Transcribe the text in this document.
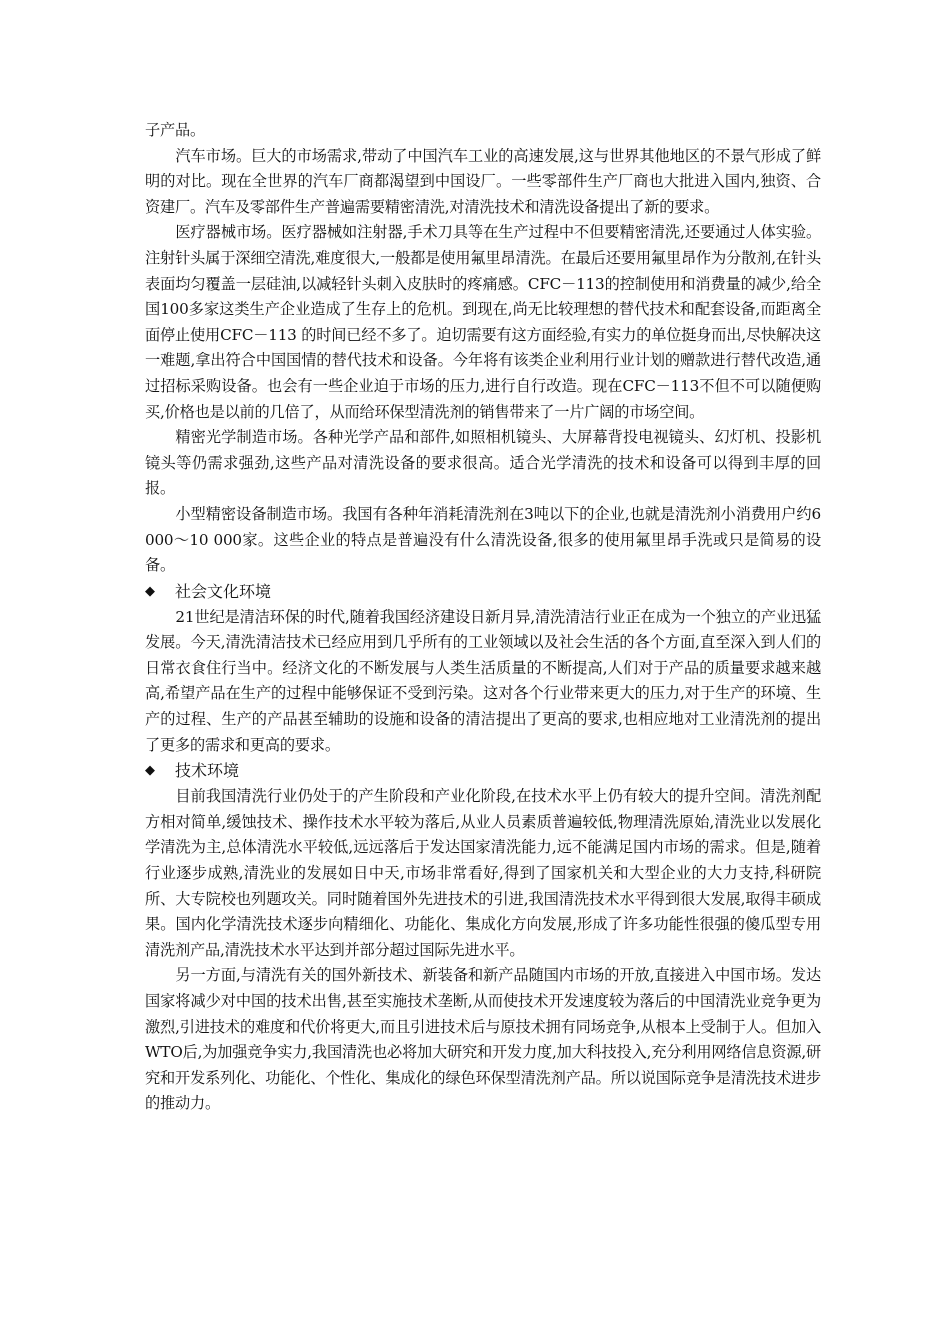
子产品。

汽车市场。巨大的市场需求,带动了中国汽车工业的高速发展,这与世界其他地区的不景气形成了鲜明的对比。现在全世界的汽车厂商都渴望到中国设厂。一些零部件生产厂商也大批进入国内,独资、合资建厂。汽车及零部件生产普遍需要精密清洗,对清洗技术和清洗设备提出了新的要求。

医疗器械市场。医疗器械如注射器,手术刀具等在生产过程中不但要精密清洗,还要通过人体实验。注射针头属于深细空清洗,难度很大,一般都是使用氟里昂清洗。在最后还要用氟里昂作为分散剂,在针头表面均匀覆盖一层硅油,以减轻针头刺入皮肤时的疼痛感。CFC－113的控制使用和消费量的减少,给全国100多家这类生产企业造成了生存上的危机。到现在,尚无比较理想的替代技术和配套设备,而距离全面停止使用CFC－113 的时间已经不多了。迫切需要有这方面经验,有实力的单位挺身而出,尽快解决这一难题,拿出符合中国国情的替代技术和设备。今年将有该类企业利用行业计划的赠款进行替代改造,通过招标采购设备。也会有一些企业迫于市场的压力,进行自行改造。现在CFC－113不但不可以随便购买,价格也是以前的几倍了，从而给环保型清洗剂的销售带来了一片广阔的市场空间。

精密光学制造市场。各种光学产品和部件,如照相机镜头、大屏幕背投电视镜头、幻灯机、投影机镜头等仍需求强劲,这些产品对清洗设备的要求很高。适合光学清洗的技术和设备可以得到丰厚的回报。

小型精密设备制造市场。我国有各种年消耗清洗剂在3吨以下的企业,也就是清洗剂小消费用户约6 000～10 000家。这些企业的特点是普遍没有什么清洗设备,很多的使用氟里昂手洗或只是简易的设备。

◆	社会文化环境

21世纪是清洁环保的时代,随着我国经济建设日新月异,清洗清洁行业正在成为一个独立的产业迅猛发展。今天,清洗清洁技术已经应用到几乎所有的工业领域以及社会生活的各个方面,直至深入到人们的日常衣食住行当中。经济文化的不断发展与人类生活质量的不断提高,人们对于产品的质量要求越来越高,希望产品在生产的过程中能够保证不受到污染。这对各个行业带来更大的压力,对于生产的环境、生产的过程、生产的产品甚至辅助的设施和设备的清洁提出了更高的要求,也相应地对工业清洗剂的提出了更多的需求和更高的要求。

◆	技术环境

目前我国清洗行业仍处于的产生阶段和产业化阶段,在技术水平上仍有较大的提升空间。清洗剂配方相对简单,缓蚀技术、操作技术水平较为落后,从业人员素质普遍较低,物理清洗原始,清洗业以发展化学清洗为主,总体清洗水平较低,远远落后于发达国家清洗能力,远不能满足国内市场的需求。但是,随着行业逐步成熟,清洗业的发展如日中天,市场非常看好,得到了国家机关和大型企业的大力支持,科研院所、大专院校也列题攻关。同时随着国外先进技术的引进,我国清洗技术水平得到很大发展,取得丰硕成果。国内化学清洗技术逐步向精细化、功能化、集成化方向发展,形成了许多功能性很强的傻瓜型专用清洗剂产品,清洗技术水平达到并部分超过国际先进水平。

另一方面,与清洗有关的国外新技术、新装备和新产品随国内市场的开放,直接进入中国市场。发达国家将减少对中国的技术出售,甚至实施技术垄断,从而使技术开发速度较为落后的中国清洗业竞争更为激烈,引进技术的难度和代价将更大,而且引进技术后与原技术拥有同场竞争,从根本上受制于人。但加入WTO后,为加强竞争实力,我国清洗也必将加大研究和开发力度,加大科技投入,充分利用网络信息资源,研究和开发系列化、功能化、个性化、集成化的绿色环保型清洗剂产品。所以说国际竞争是清洗技术进步的推动力。
